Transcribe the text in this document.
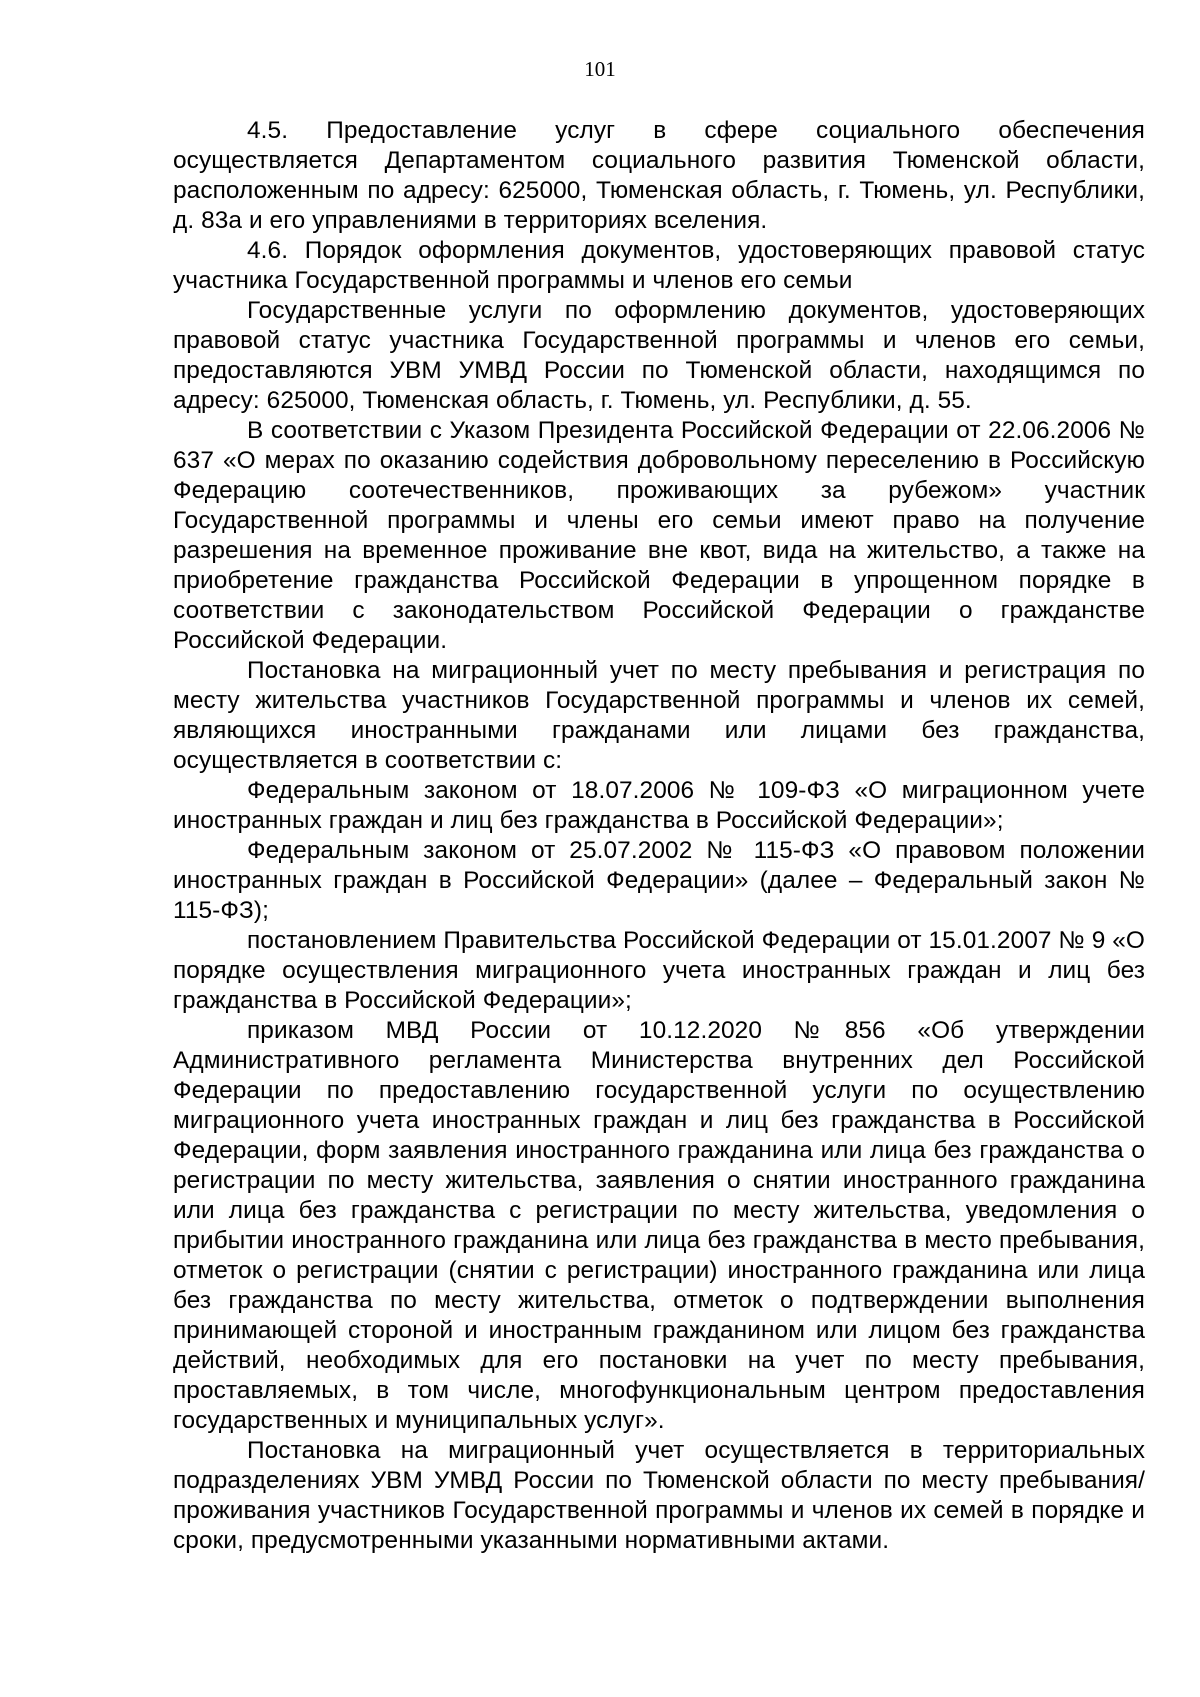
101

4.5. Предоставление услуг в сфере социального обеспечения осуществляется Департаментом социального развития Тюменской области, расположенным по адресу: 625000, Тюменская область, г. Тюмень, ул. Республики, д. 83а и его управлениями в территориях вселения.

4.6. Порядок оформления документов, удостоверяющих правовой статус участника Государственной программы и членов его семьи

Государственные услуги по оформлению документов, удостоверяющих правовой статус участника Государственной программы и членов его семьи, предоставляются УВМ УМВД России по Тюменской области, находящимся по адресу: 625000, Тюменская область, г. Тюмень, ул. Республики, д. 55.

В соответствии с Указом Президента Российской Федерации от 22.06.2006 № 637 «О мерах по оказанию содействия добровольному переселению в Российскую Федерацию соотечественников, проживающих за рубежом» участник Государственной программы и члены его семьи имеют право на получение разрешения на временное проживание вне квот, вида на жительство, а также на приобретение гражданства Российской Федерации в упрощенном порядке в соответствии с законодательством Российской Федерации о гражданстве Российской Федерации.

Постановка на миграционный учет по месту пребывания и регистрация по месту жительства участников Государственной программы и членов их семей, являющихся иностранными гражданами или лицами без гражданства, осуществляется в соответствии с:

Федеральным законом от 18.07.2006 № 109-ФЗ «О миграционном учете иностранных граждан и лиц без гражданства в Российской Федерации»;

Федеральным законом от 25.07.2002 № 115-ФЗ «О правовом положении иностранных граждан в Российской Федерации» (далее – Федеральный закон № 115-ФЗ);

постановлением Правительства Российской Федерации от 15.01.2007 № 9 «О порядке осуществления миграционного учета иностранных граждан и лиц без гражданства в Российской Федерации»;

приказом МВД России от 10.12.2020 №856 «Об утверждении Административного регламента Министерства внутренних дел Российской Федерации по предоставлению государственной услуги по осуществлению миграционного учета иностранных граждан и лиц без гражданства в Российской Федерации, форм заявления иностранного гражданина или лица без гражданства о регистрации по месту жительства, заявления о снятии иностранного гражданина или лица без гражданства с регистрации по месту жительства, уведомления о прибытии иностранного гражданина или лица без гражданства в место пребывания, отметок о регистрации (снятии с регистрации) иностранного гражданина или лица без гражданства по месту жительства, отметок о подтверждении выполнения принимающей стороной и иностранным гражданином или лицом без гражданства действий, необходимых для его постановки на учет по месту пребывания, проставляемых, в том числе, многофункциональным центром предоставления государственных и муниципальных услуг».

Постановка на миграционный учет осуществляется в территориальных подразделениях УВМ УМВД России по Тюменской области по месту пребывания/проживания участников Государственной программы и членов их семей в порядке и сроки, предусмотренными указанными нормативными актами.
